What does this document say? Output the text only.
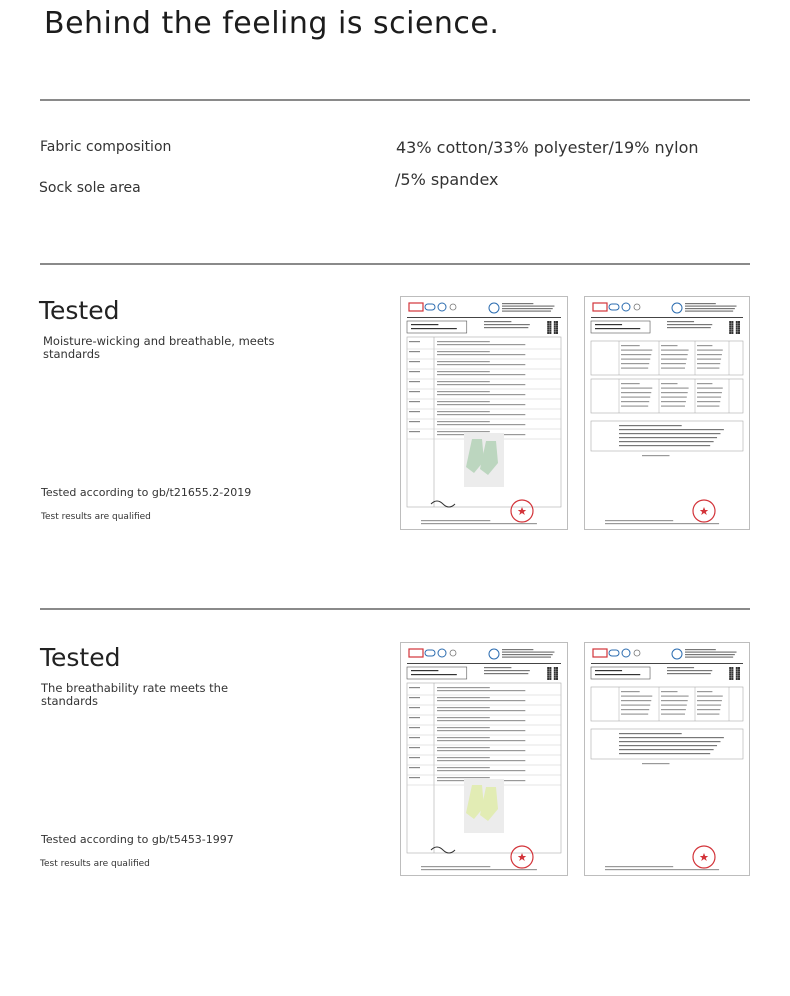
Behind the feeling is science.
Fabric composition
Sock sole area
43% cotton/33% polyester/19% nylon
/5% spandex
Tested
Moisture-wicking and breathable, meets standards
Tested according to gb/t21655.2-2019
Test results are qualified
Tested
The breathability rate meets the standards
Tested according to gb/t5453-1997
Test results are qualified
